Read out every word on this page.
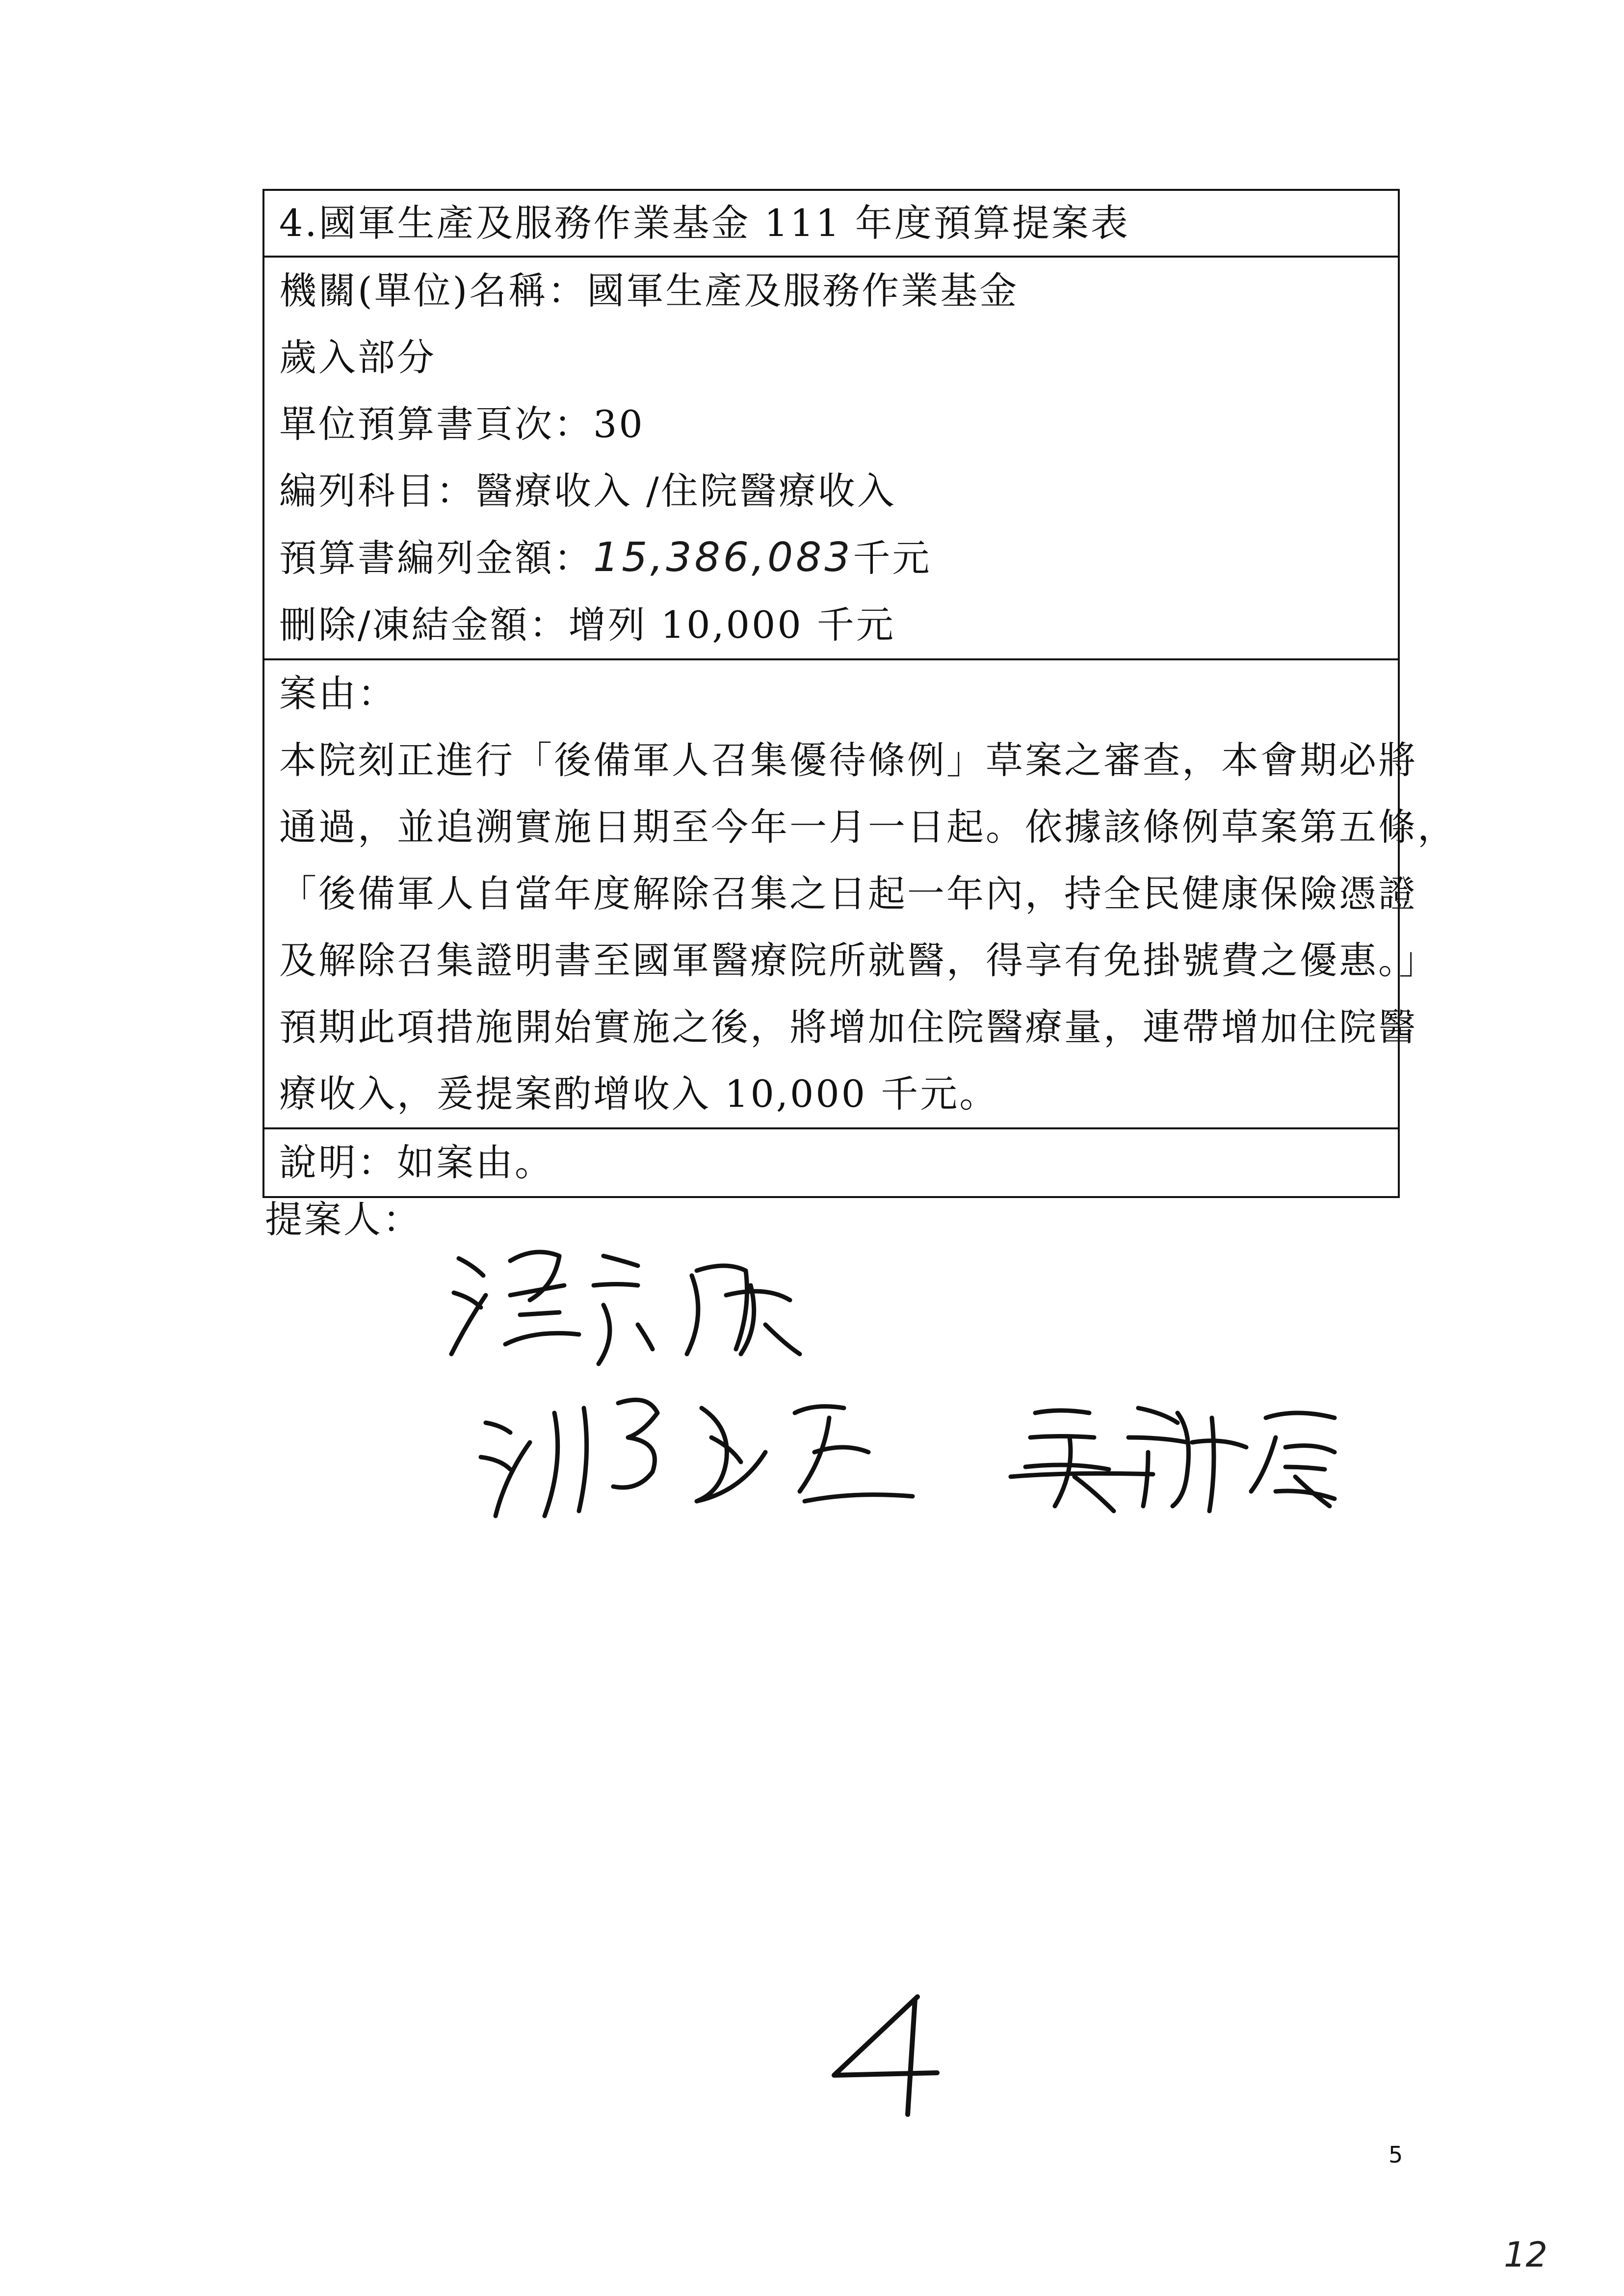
4.國軍生產及服務作業基金 111 年度預算提案表
機關(單位)名稱：國軍生產及服務作業基金
歲入部分
單位預算書頁次：30
編列科目：醫療收入 /住院醫療收入
預算書編列金額：15,386,083千元
刪除/凍結金額：增列 10,000 千元
案由：
本院刻正進行「後備軍人召集優待條例」草案之審查，本會期必將
通過，並追溯實施日期至今年一月一日起。依據該條例草案第五條，
「後備軍人自當年度解除召集之日起一年內，持全民健康保險憑證
及解除召集證明書至國軍醫療院所就醫，得享有免掛號費之優惠。」
預期此項措施開始實施之後，將增加住院醫療量，連帶增加住院醫
療收入，爰提案酌增收入 10,000 千元。
說明：如案由。
提案人：
5
12
